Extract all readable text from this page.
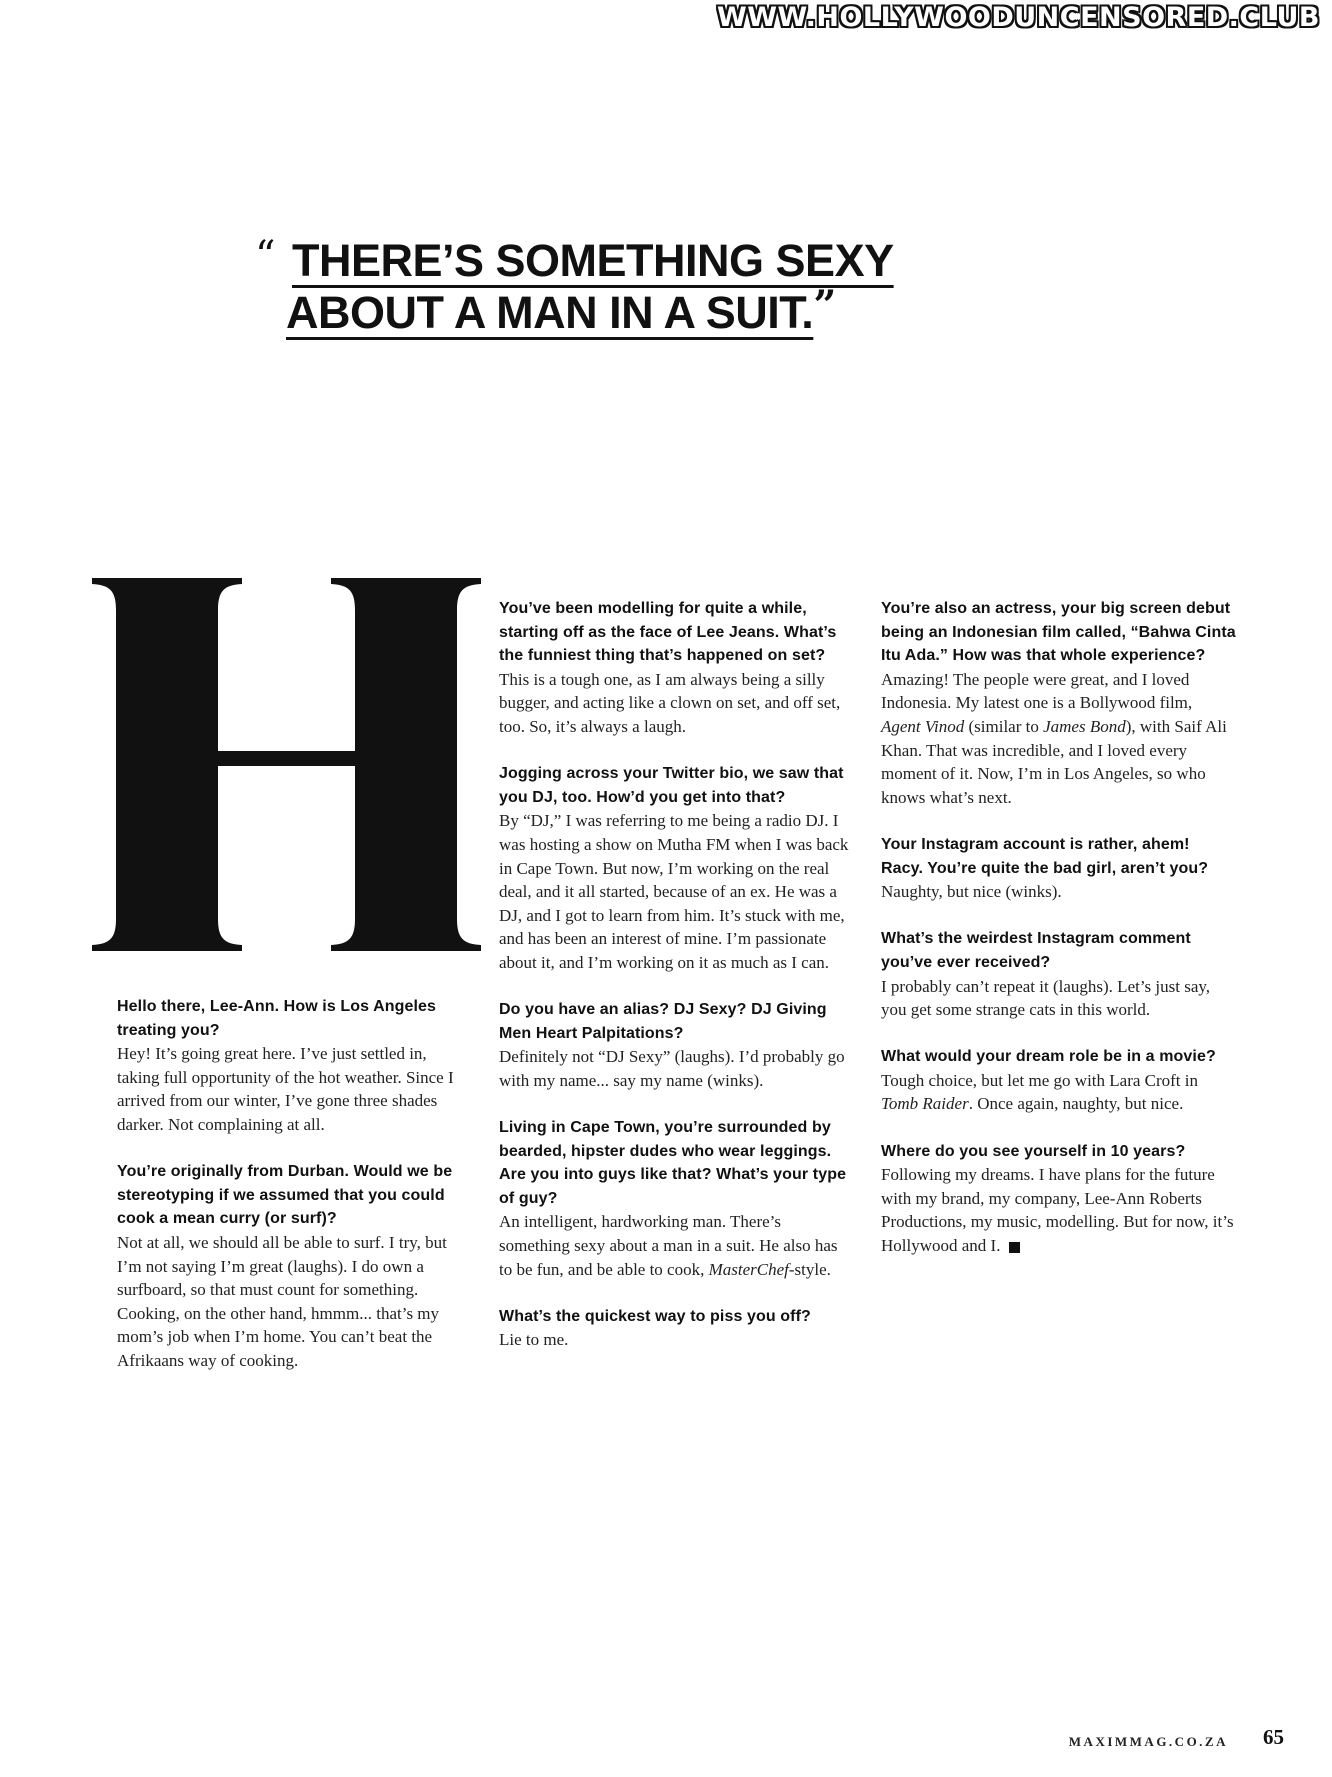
WWW.HOLLYWOODUNCENSORED.CLUB
“ THERE’S SOMETHING SEXY
ABOUT A MAN IN A SUIT.”
Hello there, Lee-Ann. How is Los Angeles treating you?
Hey! It’s going great here. I’ve just settled in, taking full opportunity of the hot weather. Since I arrived from our winter, I’ve gone three shades darker. Not complaining at all.
You’re originally from Durban. Would we be stereotyping if we assumed that you could cook a mean curry (or surf)?
Not at all, we should all be able to surf. I try, but I’m not saying I’m great (laughs). I do own a surfboard, so that must count for something. Cooking, on the other hand, hmmm... that’s my mom’s job when I’m home. You can’t beat the Afrikaans way of cooking.
You’ve been modelling for quite a while, starting off as the face of Lee Jeans. What’s the funniest thing that’s happened on set?
This is a tough one, as I am always being a silly bugger, and acting like a clown on set, and off set, too. So, it’s always a laugh.
Jogging across your Twitter bio, we saw that you DJ, too. How’d you get into that?
By “DJ,” I was referring to me being a radio DJ. I was hosting a show on Mutha FM when I was back in Cape Town. But now, I’m working on the real deal, and it all started, because of an ex. He was a DJ, and I got to learn from him. It’s stuck with me, and has been an interest of mine. I’m passionate about it, and I’m working on it as much as I can.
Do you have an alias? DJ Sexy? DJ Giving Men Heart Palpitations?
Definitely not “DJ Sexy” (laughs). I’d probably go with my name... say my name (winks).
Living in Cape Town, you’re surrounded by bearded, hipster dudes who wear leggings. Are you into guys like that? What’s your type of guy?
An intelligent, hardworking man. There’s something sexy about a man in a suit. He also has to be fun, and be able to cook, MasterChef-style.
What’s the quickest way to piss you off?
Lie to me.
You’re also an actress, your big screen debut being an Indonesian film called, “Bahwa Cinta Itu Ada.” How was that whole experience?
Amazing! The people were great, and I loved Indonesia. My latest one is a Bollywood film, Agent Vinod (similar to James Bond), with Saif Ali Khan. That was incredible, and I loved every moment of it. Now, I’m in Los Angeles, so who knows what’s next.
Your Instagram account is rather, ahem! Racy. You’re quite the bad girl, aren’t you?
Naughty, but nice (winks).
What’s the weirdest Instagram comment you’ve ever received?
I probably can’t repeat it (laughs). Let’s just say, you get some strange cats in this world.
What would your dream role be in a movie?
Tough choice, but let me go with Lara Croft in Tomb Raider. Once again, naughty, but nice.
Where do you see yourself in 10 years?
Following my dreams. I have plans for the future with my brand, my company, Lee-Ann Roberts Productions, my music, modelling. But for now, it’s Hollywood and I.
MAXIMMAG.CO.ZA 65
